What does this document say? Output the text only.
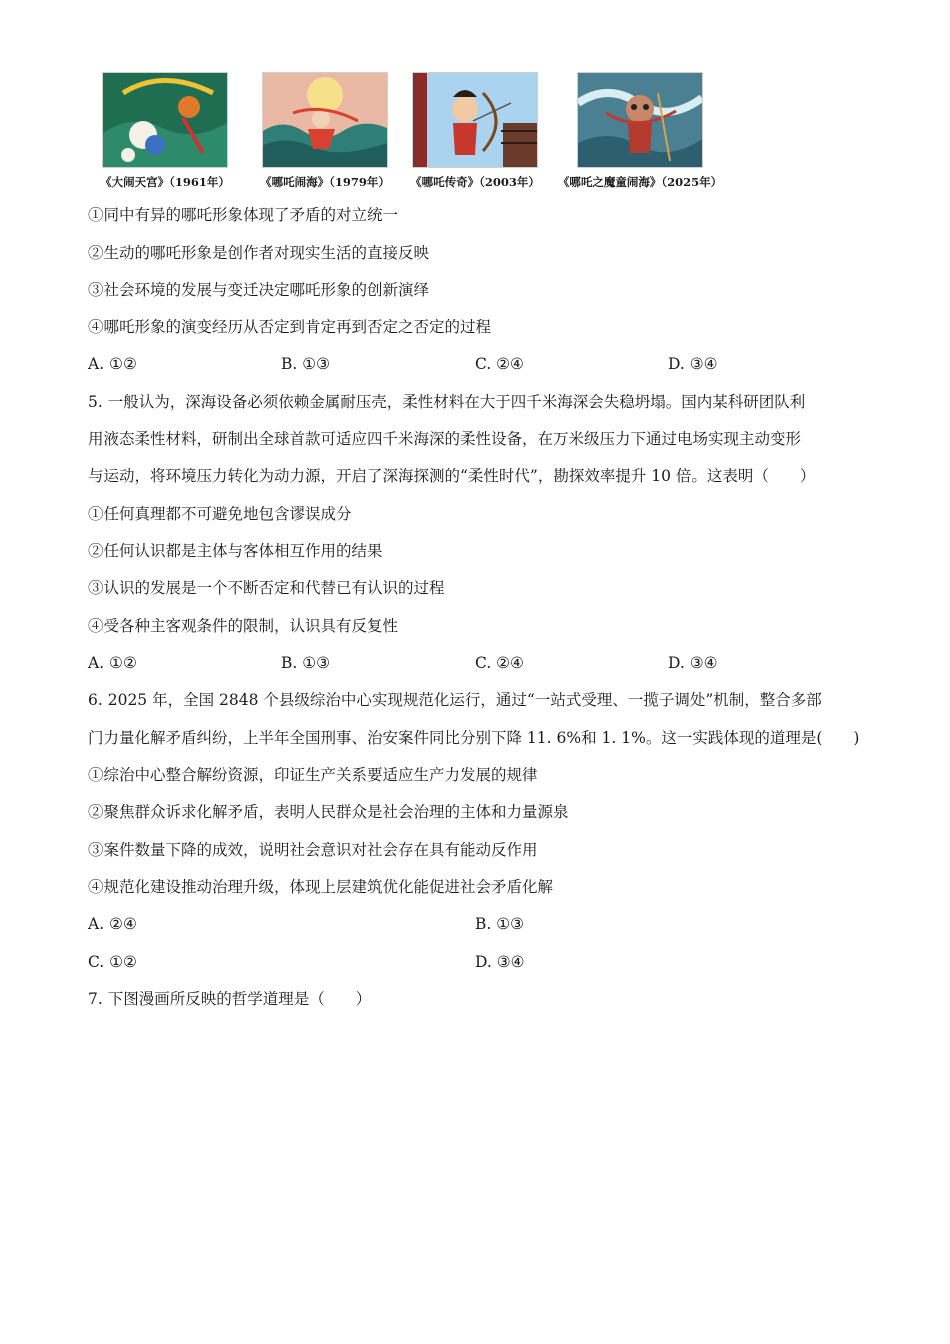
《大闹天宫》（1961年）	《哪吒闹海》（1979年）	《哪吒传奇》（2003年）	《哪吒之魔童闹海》（2025年）
①同中有异的哪吒形象体现了矛盾的对立统一
②生动的哪吒形象是创作者对现实生活的直接反映
③社会环境的发展与变迁决定哪吒形象的创新演绎
④哪吒形象的演变经历从否定到肯定再到否定之否定的过程
A. ①②	B. ①③	C. ②④	D. ③④
5. 一般认为，深海设备必须依赖金属耐压壳，柔性材料在大于四千米海深会失稳坍塌。国内某科研团队利
用液态柔性材料，研制出全球首款可适应四千米海深的柔性设备，在万米级压力下通过电场实现主动变形
与运动，将环境压力转化为动力源，开启了深海探测的“柔性时代”，勘探效率提升 10 倍。这表明（　　）
①任何真理都不可避免地包含谬误成分
②任何认识都是主体与客体相互作用的结果
③认识的发展是一个不断否定和代替已有认识的过程
④受各种主客观条件的限制，认识具有反复性
A. ①②	B. ①③	C. ②④	D. ③④
6. 2025 年，全国 2848 个县级综治中心实现规范化运行，通过“一站式受理、一揽子调处”机制，整合多部
门力量化解矛盾纠纷，上半年全国刑事、治安案件同比分别下降 11. 6%和 1. 1%。这一实践体现的道理是(　　)
①综治中心整合解纷资源，印证生产关系要适应生产力发展的规律
②聚焦群众诉求化解矛盾，表明人民群众是社会治理的主体和力量源泉
③案件数量下降的成效，说明社会意识对社会存在具有能动反作用
④规范化建设推动治理升级，体现上层建筑优化能促进社会矛盾化解
A. ②④	B. ①③
C. ①②	D. ③④
7. 下图漫画所反映的哲学道理是（　　）
